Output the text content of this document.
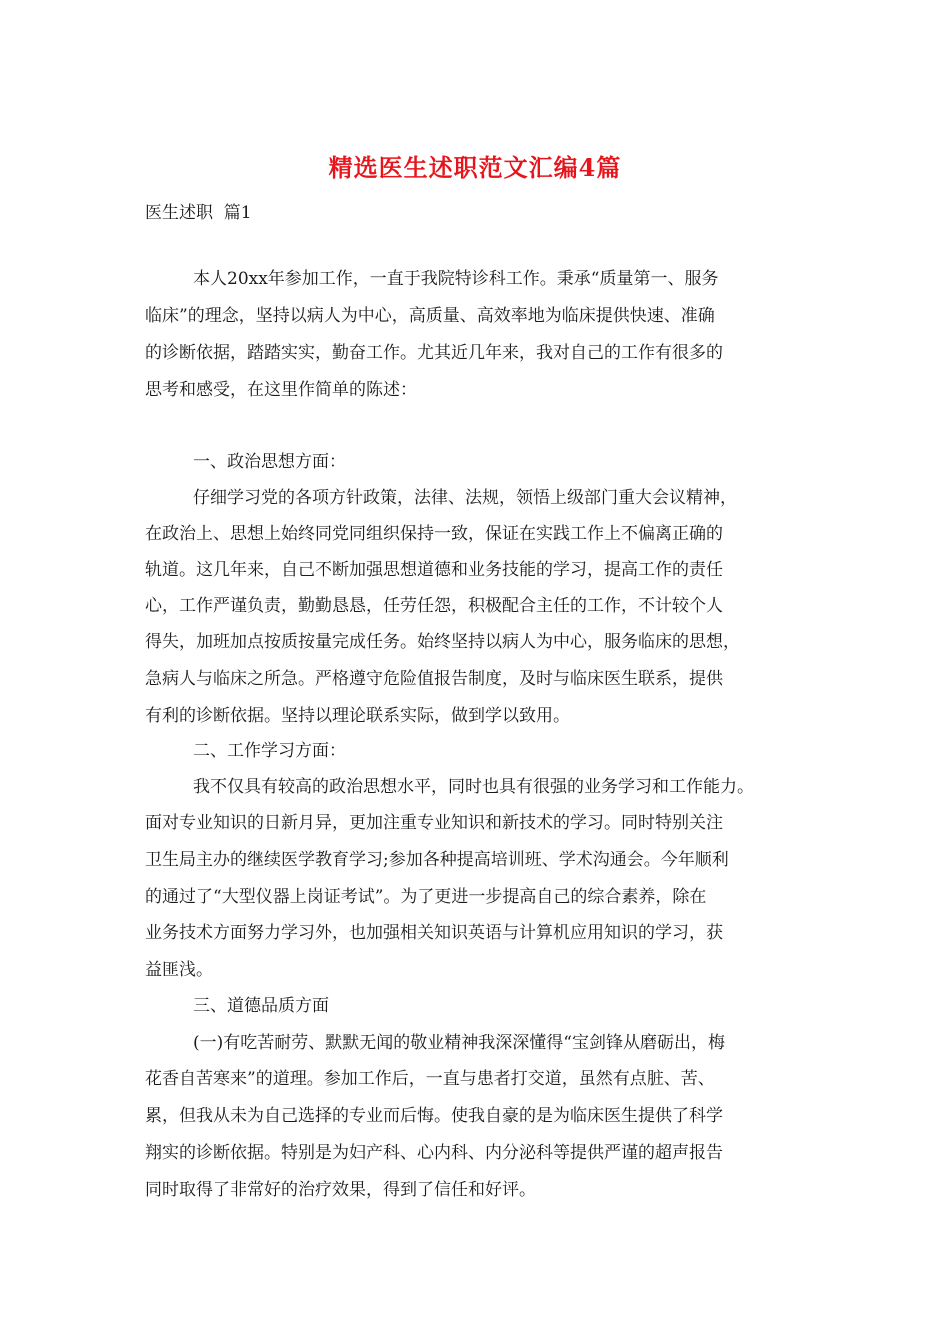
精选医生述职范文汇编4篇
医生述职  篇1
本人20xx年参加工作，一直于我院特诊科工作。秉承“质量第一、服务
临床”的理念，坚持以病人为中心，高质量、高效率地为临床提供快速、准确
的诊断依据，踏踏实实，勤奋工作。尤其近几年来，我对自己的工作有很多的
思考和感受，在这里作简单的陈述：
一、政治思想方面：
仔细学习党的各项方针政策，法律、法规，领悟上级部门重大会议精神，
在政治上、思想上始终同党同组织保持一致，保证在实践工作上不偏离正确的
轨道。这几年来，自己不断加强思想道德和业务技能的学习，提高工作的责任
心，工作严谨负责，勤勤恳恳，任劳任怨，积极配合主任的工作，不计较个人
得失，加班加点按质按量完成任务。始终坚持以病人为中心，服务临床的思想，
急病人与临床之所急。严格遵守危险值报告制度，及时与临床医生联系，提供
有利的诊断依据。坚持以理论联系实际，做到学以致用。
二、工作学习方面：
我不仅具有较高的政治思想水平，同时也具有很强的业务学习和工作能力。
面对专业知识的日新月异，更加注重专业知识和新技术的学习。同时特别关注
卫生局主办的继续医学教育学习;参加各种提高培训班、学术沟通会。今年顺利
的通过了“大型仪器上岗证考试”。为了更进一步提高自己的综合素养，除在
业务技术方面努力学习外，也加强相关知识英语与计算机应用知识的学习，获
益匪浅。
三、道德品质方面
(一)有吃苦耐劳、默默无闻的敬业精神我深深懂得“宝剑锋从磨砺出，梅
花香自苦寒来”的道理。参加工作后，一直与患者打交道，虽然有点脏、苦、
累，但我从未为自己选择的专业而后悔。使我自豪的是为临床医生提供了科学
翔实的诊断依据。特别是为妇产科、心内科、内分泌科等提供严谨的超声报告
同时取得了非常好的治疗效果，得到了信任和好评。
